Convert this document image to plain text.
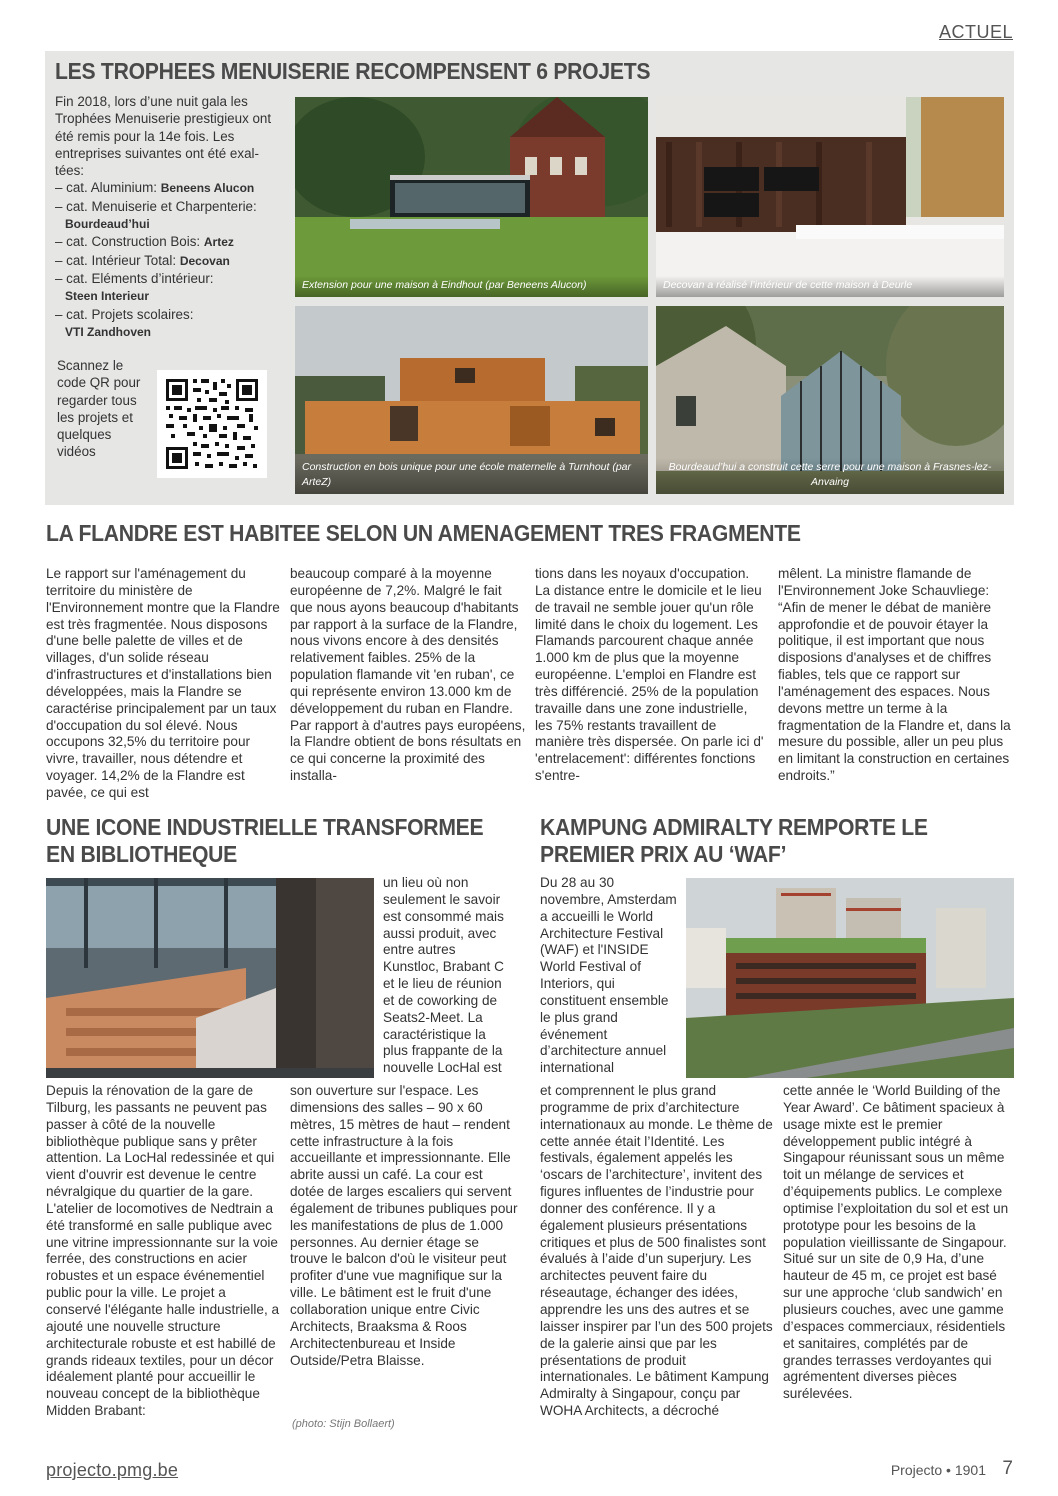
ACTUEL
LES TROPHEES MENUISERIE RECOMPENSENT 6 PROJETS
Fin 2018, lors d’une nuit gala les
Trophées Menuiserie prestigieux ont
été remis pour la 14e fois. Les
entreprises suivantes ont été exal-
tées:
– cat. Aluminium: Beneens Alucon
– cat. Menuiserie et Charpenterie:
Bourdeaud’hui
– cat. Construction Bois: Artez
– cat. Intérieur Total: Decovan
– cat. Eléments d’intérieur:
Steen Interieur
– cat. Projets scolaires:
VTI Zandhoven
Scannez le
code QR pour
regarder tous
les projets et
quelques
vidéos
Extension pour une maison à Eindhout (par Beneens Alucon)	Decovan a réalisé l’intérieur de cette maison à Deurle
Construction en bois unique pour une école maternelle à Turnhout (par ArteZ)
Bourdeaud’hui a construit cette serre pour une maison à Frasnes-lez-Anvaing
LA FLANDRE EST HABITEE SELON UN AMENAGEMENT TRES FRAGMENTE
Le rapport sur l'aménagement du territoire du ministère de l'Environnement montre que la Flandre est très fragmentée. Nous disposons d'une belle palette de villes et de villages, d'un solide réseau d'infrastructures et d'installations bien développées, mais la Flandre se caractérise principalement par un taux d'occupation du sol élevé. Nous occupons 32,5% du territoire pour vivre, travailler, nous détendre et voyager. 14,2% de la Flandre est pavée, ce qui est
beaucoup comparé à la moyenne européenne de 7,2%. Malgré le fait que nous ayons beaucoup d'habitants par rapport à la surface de la Flandre, nous vivons encore à des densités relativement faibles. 25% de la population flamande vit 'en ruban', ce qui représente environ 13.000 km de développement du ruban en Flandre. Par rapport à d'autres pays européens, la Flandre obtient de bons résultats en ce qui concerne la proximité des installa-
tions dans les noyaux d'occupation. La distance entre le domicile et le lieu de travail ne semble jouer qu'un rôle limité dans le choix du logement. Les Flamands parcourent chaque année 1.000 km de plus que la moyenne européenne. L'emploi en Flandre est très différencié. 25% de la population travaille dans une zone industrielle, les 75% restants travaillent de manière très dispersée. On parle ici d' 'entrelacement': différentes fonctions s'entre-
mêlent. La ministre flamande de l'Environnement Joke Schauvliege: “Afin de mener le débat de manière approfondie et de pouvoir étayer la politique, il est important que nous disposions d'analyses et de chiffres fiables, tels que ce rapport sur l'aménagement des espaces. Nous devons mettre un terme à la fragmentation de la Flandre et, dans la mesure du possible, aller un peu plus en limitant la construction en certaines endroits.”
UNE ICONE INDUSTRIELLE TRANSFORMEE
EN BIBLIOTHEQUE
un lieu où non seulement le savoir est consommé mais aussi produit, avec entre autres Kunstloc, Brabant C et le lieu de réunion et de coworking de Seats2-Meet. La caractéristique la plus frappante de la nouvelle LocHal est
Depuis la rénovation de la gare de Tilburg, les passants ne peuvent pas passer à côté de la nouvelle bibliothèque publique sans y prêter attention. La LocHal redessinée et qui vient d'ouvrir est devenue le centre névralgique du quartier de la gare. L'atelier de locomotives de Nedtrain a été transformé en salle publique avec une vitrine impressionnante sur la voie ferrée, des constructions en acier robustes et un espace événementiel public pour la ville. Le projet a conservé l'élégante halle industrielle, a ajouté une nouvelle structure architecturale robuste et est habillé de grands rideaux textiles, pour un décor idéalement planté pour accueillir le nouveau concept de la bibliothèque Midden Brabant:
son ouverture sur l'espace. Les dimensions des salles – 90 x 60 mètres, 15 mètres de haut – rendent cette infrastructure à la fois accueillante et impressionnante. Elle abrite aussi un café. La cour est dotée de larges escaliers qui servent également de tribunes publiques pour les manifestations de plus de 1.000 personnes. Au dernier étage se trouve le balcon d'où le visiteur peut profiter d'une vue magnifique sur la ville. Le bâtiment est le fruit d'une collaboration unique entre Civic Architects, Braaksma & Roos Architectenbureau et Inside Outside/Petra Blaisse.
(photo: Stijn Bollaert)
KAMPUNG ADMIRALTY REMPORTE LE
PREMIER PRIX AU ‘WAF’
Du 28 au 30 novembre, Amsterdam a accueilli le World Architecture Festival (WAF) et l'INSIDE World Festival of Interiors, qui constituent ensemble le plus grand événement d’architecture annuel international
et comprennent le plus grand programme de prix d’architecture internationaux au monde. Le thème de cette année était l’Identité. Les festivals, également appelés les ‘oscars de l’architecture’, invitent des figures influentes de l’industrie pour donner des conférence. Il y a également plusieurs présentations critiques et plus de 500 finalistes sont évalués à l’aide d’un superjury. Les architectes peuvent faire du réseautage, échanger des idées, apprendre les uns des autres et se laisser inspirer par l’un des 500 projets de la galerie ainsi que par les présentations de produit internationales. Le bâtiment Kampung Admiralty à Singapour, conçu par WOHA Architects, a décroché
cette année le ‘World Building of the Year Award’. Ce bâtiment spacieux à usage mixte est le premier développement public intégré à Singapour réunissant sous un même toit un mélange de services et d’équipements publics. Le complexe optimise l’exploitation du sol et est un prototype pour les besoins de la population vieillissante de Singapour. Situé sur un site de 0,9 Ha, d’une hauteur de 45 m, ce projet est basé sur une approche ‘club sandwich’ en plusieurs couches, avec une gamme d’espaces commerciaux, résidentiels et sanitaires, complétés par de grandes terrasses verdoyantes qui agrémentent diverses pièces surélevées.
projecto.pmg.be	Projecto • 1901 7
